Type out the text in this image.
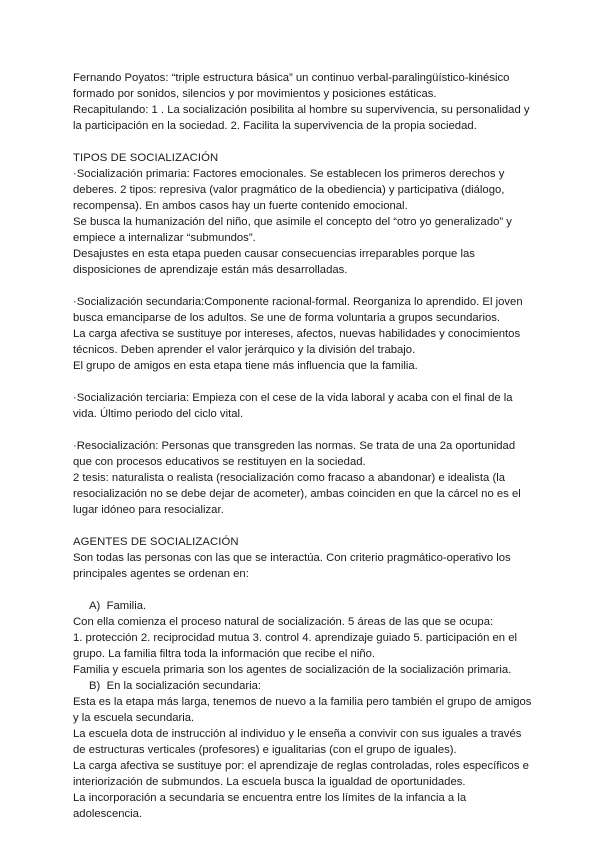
Fernando Poyatos: “triple estructura básica” un continuo verbal-paralingüístico-kinésico
formado por sonidos, silencios y por movimientos y posiciones estáticas.
Recapitulando: 1 . La socialización posibilita al hombre su supervivencia, su personalidad y
la participación en la sociedad. 2. Facilita la supervivencia de la propia sociedad.
TIPOS DE SOCIALIZACIÓN
·Socialización primaria: Factores emocionales. Se establecen los primeros derechos y
deberes. 2 tipos: represiva (valor pragmático de la obediencia) y participativa (diálogo,
recompensa). En ambos casos hay un fuerte contenido emocional.
Se busca la humanización del niño, que asimile el concepto del “otro yo generalizado” y
empiece a internalizar “submundos”.
Desajustes en esta etapa pueden causar consecuencias irreparables porque las
disposiciones de aprendizaje están más desarrolladas.
·Socialización secundaria:Componente racional-formal. Reorganiza lo aprendido. El joven
busca emanciparse de los adultos. Se une de forma voluntaria a grupos secundarios.
La carga afectiva se sustituye por intereses, afectos, nuevas habilidades y conocimientos
técnicos. Deben aprender el valor jerárquico y la división del trabajo.
El grupo de amigos en esta etapa tiene más influencia que la familia.
·Socialización terciaria: Empieza con el cese de la vida laboral y acaba con el final de la
vida. Último periodo del ciclo vital.
·Resocialización: Personas que transgreden las normas. Se trata de una 2a oportunidad
que con procesos educativos se restituyen en la sociedad.
2 tesis: naturalista o realista (resocialización como fracaso a abandonar) e idealista (la
resocialización no se debe dejar de acometer), ambas coinciden en que la cárcel no es el
lugar idóneo para resocializar.
AGENTES DE SOCIALIZACIÓN
Son todas las personas con las que se interactúa. Con criterio pragmático-operativo los
principales agentes se ordenan en:
A) Familia.
Con ella comienza el proceso natural de socialización. 5 áreas de las que se ocupa:
1. protección 2. reciprocidad mutua 3. control 4. aprendizaje guiado 5. participación en el
grupo. La familia filtra toda la información que recibe el niño.
Familia y escuela primaria son los agentes de socialización de la socialización primaria.
B) En la socialización secundaria:
Esta es la etapa más larga, tenemos de nuevo a la familia pero también el grupo de amigos
y la escuela secundaria.
La escuela dota de instrucción al individuo y le enseña a convivir con sus iguales a través
de estructuras verticales (profesores) e igualitarias (con el grupo de iguales).
La carga afectiva se sustituye por: el aprendizaje de reglas controladas, roles específicos e
interiorización de submundos. La escuela busca la igualdad de oportunidades.
La incorporación a secundaria se encuentra entre los límites de la infancia a la
adolescencia.
